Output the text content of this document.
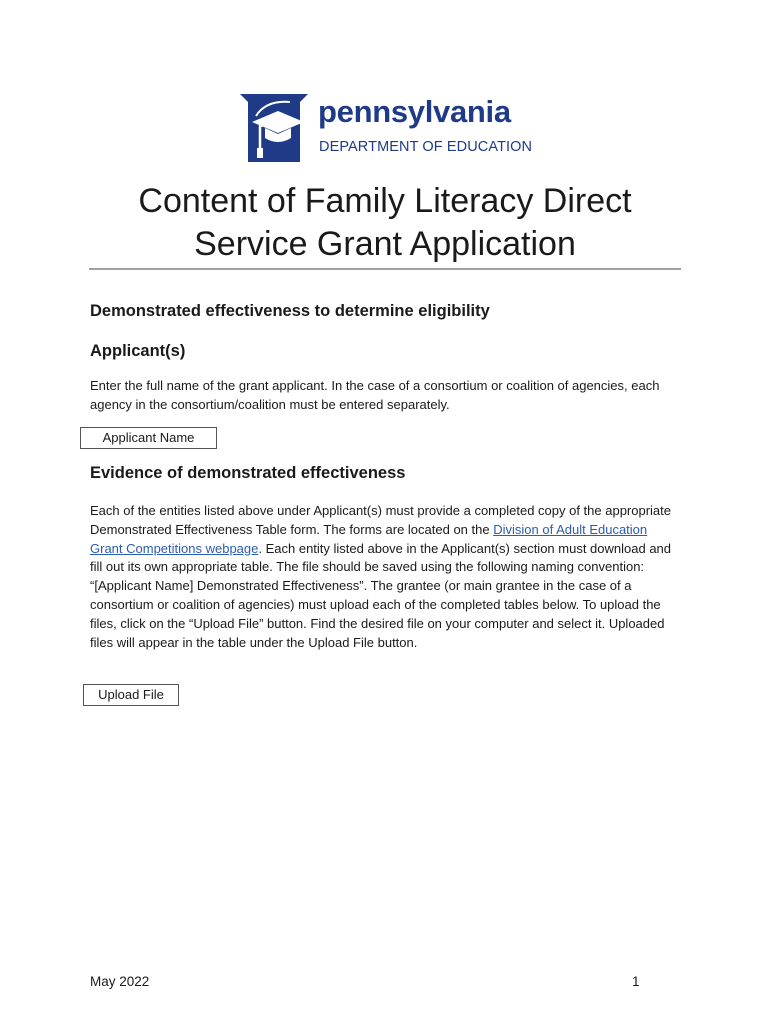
pennsylvania
DEPARTMENT OF EDUCATION
Content of Family Literacy Direct
Service Grant Application
Demonstrated effectiveness to determine eligibility
Applicant(s)

Enter the full name of the grant applicant. In the case of a consortium or coalition of agencies, each agency in the consortium/coalition must be entered separately.

Applicant Name
Evidence of demonstrated effectiveness

Each of the entities listed above under Applicant(s) must provide a completed copy of the appropriate Demonstrated Effectiveness Table form. The forms are located on the Division of Adult Education Grant Competitions webpage. Each entity listed above in the Applicant(s) section must download and fill out its own appropriate table. The file should be saved using the following naming convention: “[Applicant Name] Demonstrated Effectiveness”. The grantee (or main grantee in the case of a consortium or coalition of agencies) must upload each of the completed tables below. To upload the files, click on the “Upload File” button. Find the desired file on your computer and select it. Uploaded files will appear in the table under the Upload File button.

Upload File
May 2022	1
